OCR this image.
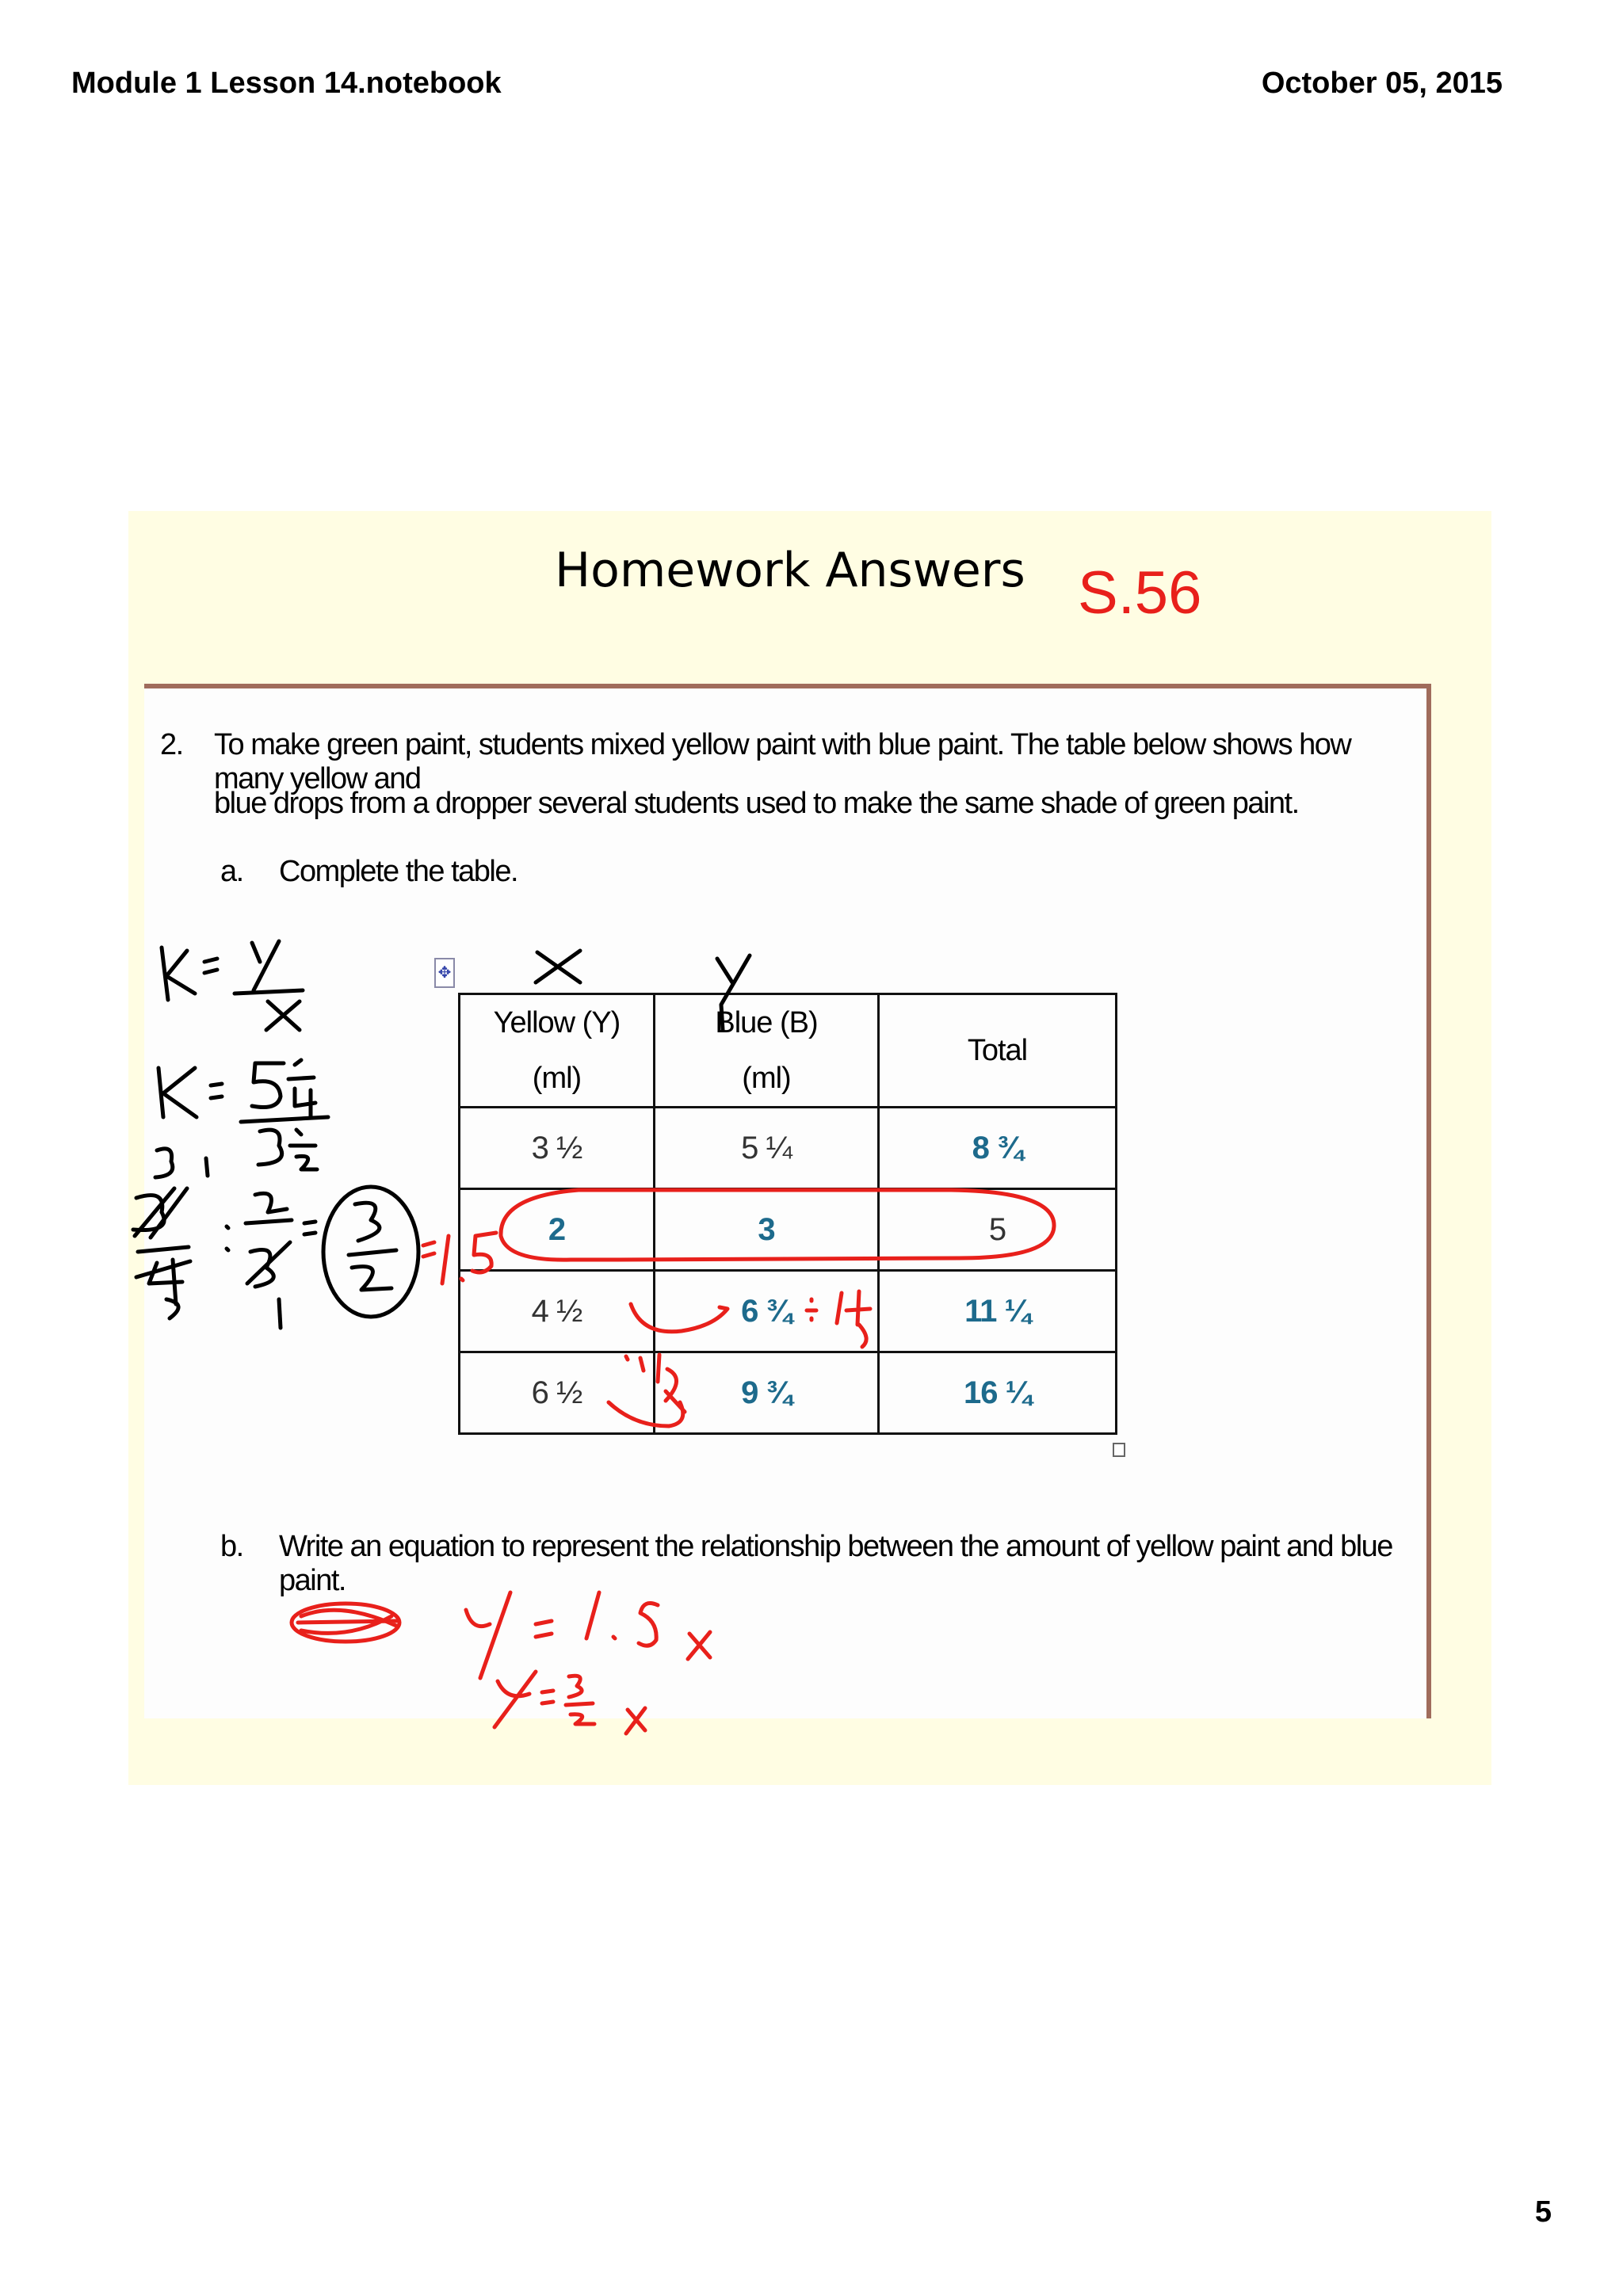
Module 1 Lesson 14.notebook	October 05, 2015
Homework Answers S.56
2. To make green paint, students mixed yellow paint with blue paint. The table below shows how many yellow and
blue drops from a dropper several students used to make the same shade of green paint.
a. Complete the table.
✥
Yellow (Y)
(ml)	Blue (B)
(ml)	Total
3 ½	5 ¼	8 ¾
2	3	5
4 ½	6 ¾	11 ¼
6 ½	9 ¾	16 ¼
b. Write an equation to represent the relationship between the amount of yellow paint and blue paint.
5
